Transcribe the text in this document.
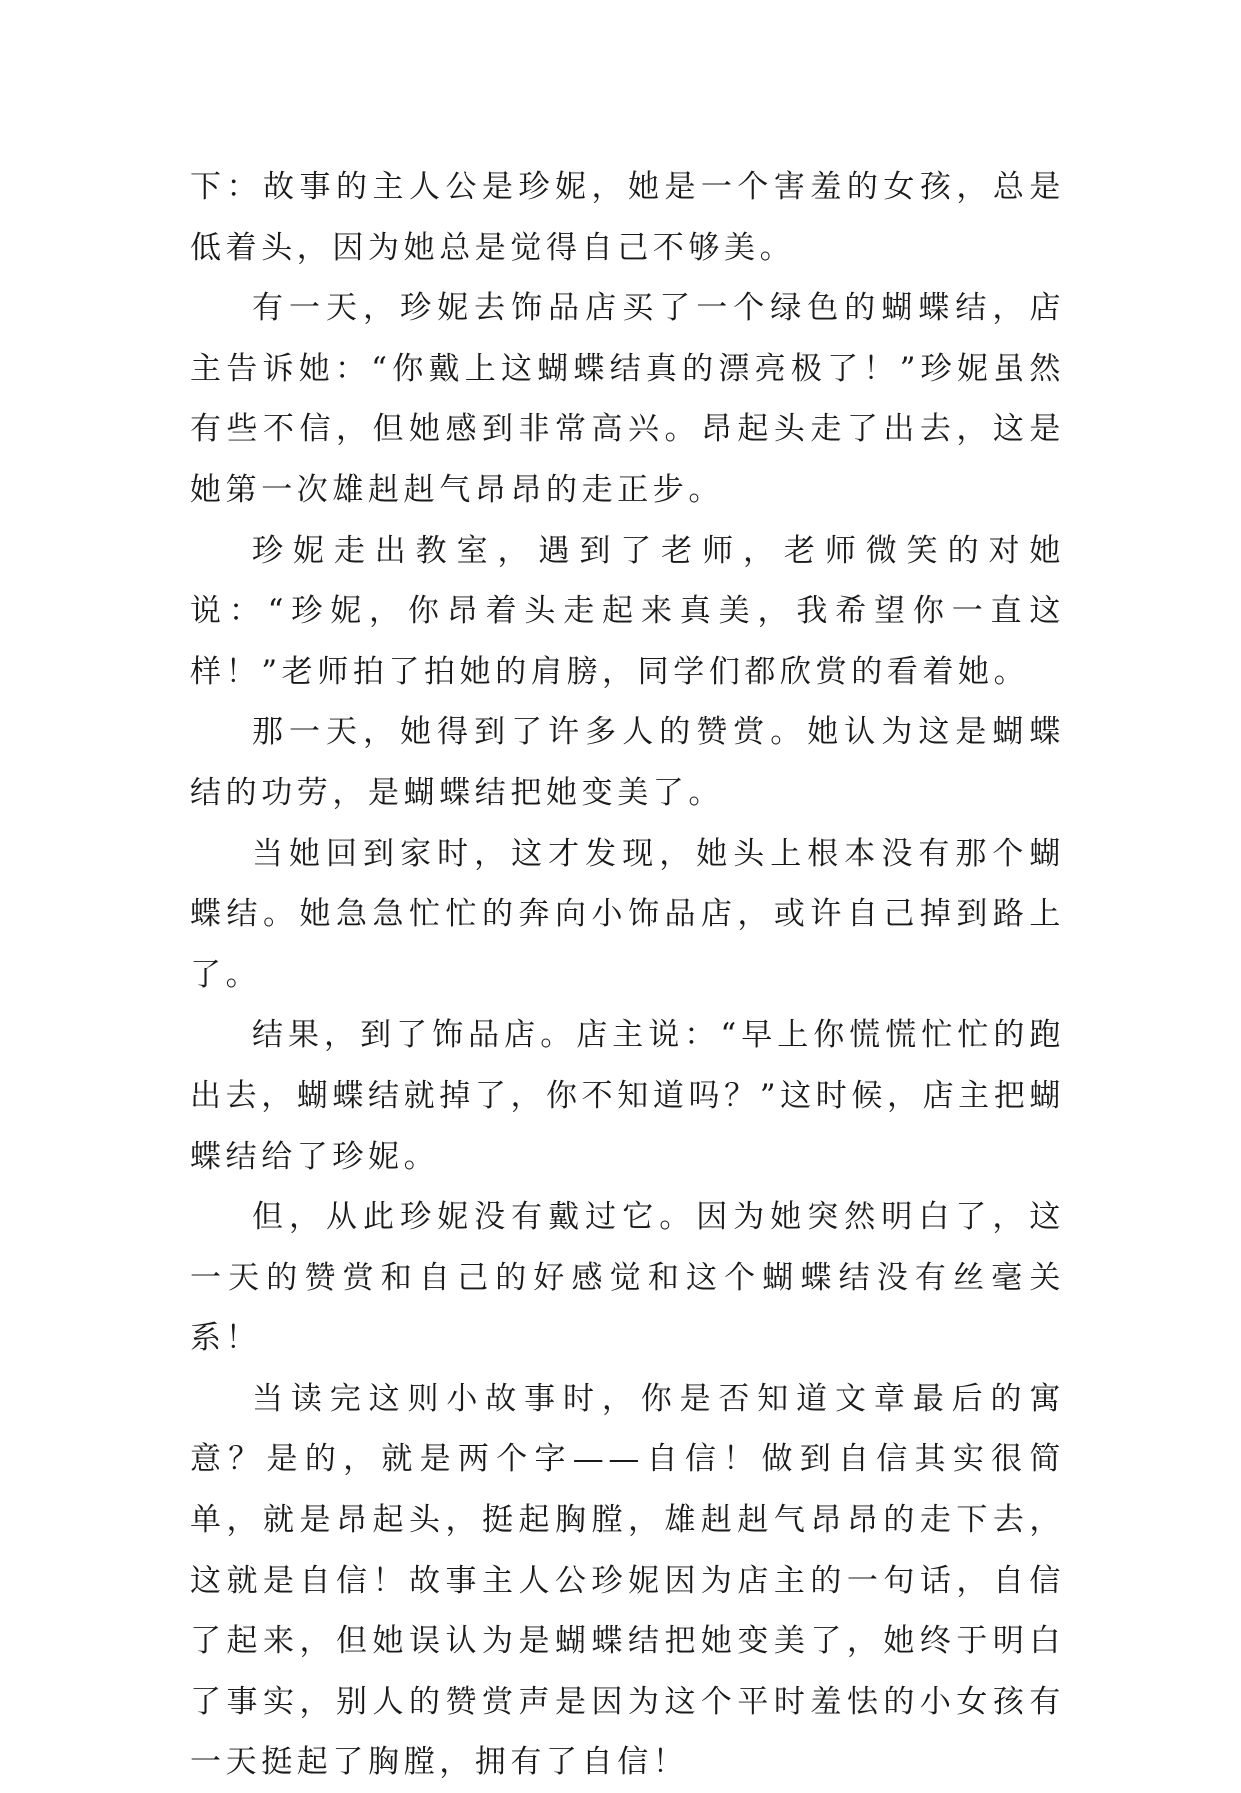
下：故事的主人公是珍妮，她是一个害羞的女孩，总是低着头，因为她总是觉得自己不够美。

有一天，珍妮去饰品店买了一个绿色的蝴蝶结，店主告诉她：“你戴上这蝴蝶结真的漂亮极了！”珍妮虽然有些不信，但她感到非常高兴。昂起头走了出去，这是她第一次雄赳赳气昂昂的走正步。

珍妮走出教室，遇到了老师，老师微笑的对她说：“珍妮，你昂着头走起来真美，我希望你一直这样！”老师拍了拍她的肩膀，同学们都欣赏的看着她。

那一天，她得到了许多人的赞赏。她认为这是蝴蝶结的功劳，是蝴蝶结把她变美了。

当她回到家时，这才发现，她头上根本没有那个蝴蝶结。她急急忙忙的奔向小饰品店，或许自己掉到路上了。

结果，到了饰品店。店主说：“早上你慌慌忙忙的跑出去，蝴蝶结就掉了，你不知道吗？”这时候，店主把蝴蝶结给了珍妮。

但，从此珍妮没有戴过它。因为她突然明白了，这一天的赞赏和自己的好感觉和这个蝴蝶结没有丝毫关系！

当读完这则小故事时，你是否知道文章最后的寓意？是的，就是两个字——自信！做到自信其实很简单，就是昂起头，挺起胸膛，雄赳赳气昂昂的走下去，这就是自信！故事主人公珍妮因为店主的一句话，自信了起来，但她误认为是蝴蝶结把她变美了，她终于明白了事实，别人的赞赏声是因为这个平时羞怯的小女孩有一天挺起了胸膛，拥有了自信！
